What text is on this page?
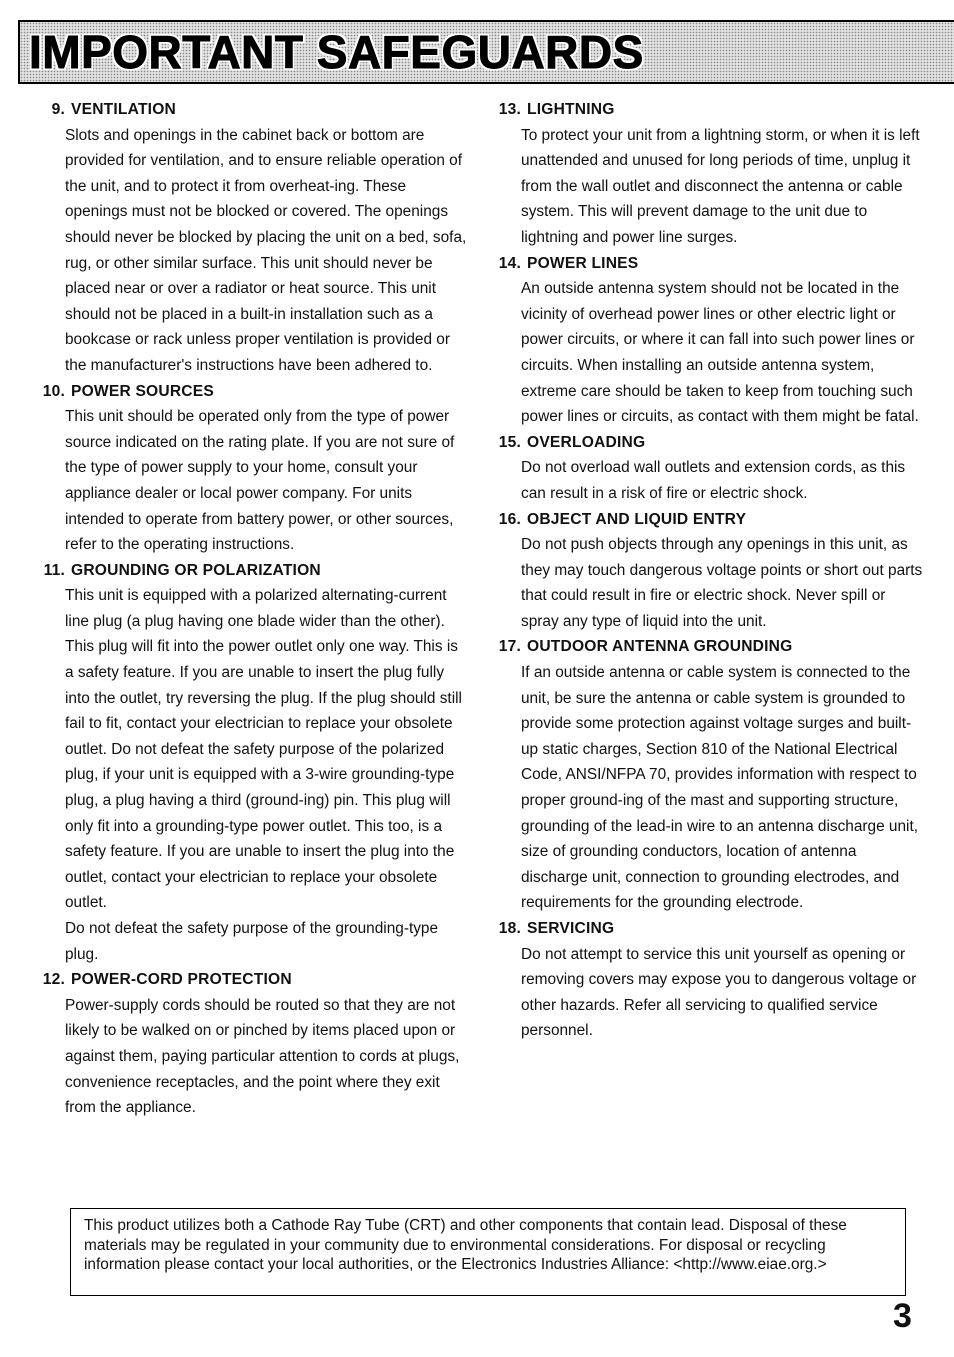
IMPORTANT SAFEGUARDS
9. VENTILATION

Slots and openings in the cabinet back or bottom are provided for ventilation, and to ensure reliable operation of the unit, and to protect it from overheat-ing. These openings must not be blocked or covered. The openings should never be blocked by placing the unit on a bed, sofa, rug, or other similar surface. This unit should never be placed near or over a radiator or heat source. This unit should not be placed in a built-in installation such as a bookcase or rack unless proper ventilation is provided or the manufacturer's instructions have been adhered to.

10. POWER SOURCES

This unit should be operated only from the type of power source indicated on the rating plate. If you are not sure of the type of power supply to your home, consult your appliance dealer or local power company. For units intended to operate from battery power, or other sources, refer to the operating instructions.

11. GROUNDING OR POLARIZATION

This unit is equipped with a polarized alternating-current line plug (a plug having one blade wider than the other). This plug will fit into the power outlet only one way. This is a safety feature. If you are unable to insert the plug fully into the outlet, try reversing the plug. If the plug should still fail to fit, contact your electrician to replace your obsolete outlet. Do not defeat the safety purpose of the polarized plug, if your unit is equipped with a 3-wire grounding-type plug, a plug having a third (ground-ing) pin. This plug will only fit into a grounding-type power outlet. This too, is a safety feature. If you are unable to insert the plug into the outlet, contact your electrician to replace your obsolete outlet.

Do not defeat the safety purpose of the grounding-type plug.

12. POWER-CORD PROTECTION

Power-supply cords should be routed so that they are not likely to be walked on or pinched by items placed upon or against them, paying particular attention to cords at plugs, convenience receptacles, and the point where they exit from the appliance.

13. LIGHTNING

To protect your unit from a lightning storm, or when it is left unattended and unused for long periods of time, unplug it from the wall outlet and disconnect the antenna or cable system. This will prevent damage to the unit due to lightning and power line surges.

14. POWER LINES

An outside antenna system should not be located in the vicinity of overhead power lines or other electric light or power circuits, or where it can fall into such power lines or circuits. When installing an outside antenna system, extreme care should be taken to keep from touching such power lines or circuits, as contact with them might be fatal.

15. OVERLOADING

Do not overload wall outlets and extension cords, as this can result in a risk of fire or electric shock.

16. OBJECT AND LIQUID ENTRY

Do not push objects through any openings in this unit, as they may touch dangerous voltage points or short out parts that could result in fire or electric shock. Never spill or spray any type of liquid into the unit.

17. OUTDOOR ANTENNA GROUNDING

If an outside antenna or cable system is connected to the unit, be sure the antenna or cable system is grounded to provide some protection against voltage surges and built-up static charges, Section 810 of the National Electrical Code, ANSI/NFPA 70, provides information with respect to proper ground-ing of the mast and supporting structure, grounding of the lead-in wire to an antenna discharge unit, size of grounding conductors, location of antenna discharge unit, connection to grounding electrodes, and requirements for the grounding electrode.

18. SERVICING

Do not attempt to service this unit yourself as opening or removing covers may expose you to dangerous voltage or other hazards. Refer all servicing to qualified service personnel.

This product utilizes both a Cathode Ray Tube (CRT) and other components that contain lead. Disposal of these materials may be regulated in your community due to environmental considerations. For disposal or recycling information please contact your local authorities, or the Electronics Industries Alliance: <http://www.eiae.org.>
3
